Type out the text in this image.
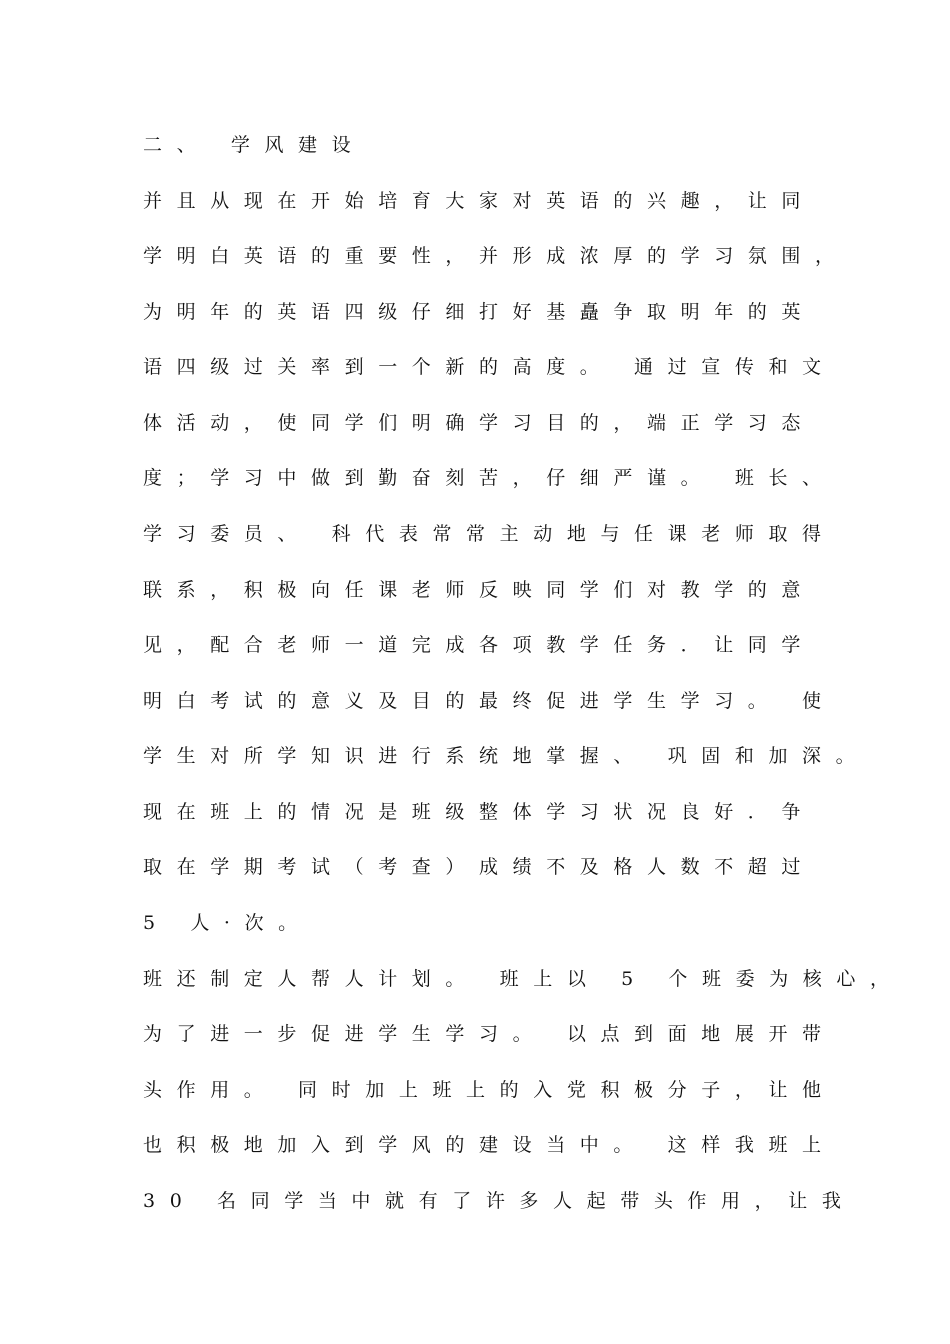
二、 学风建设
并且从现在开始培育大家对英语的兴趣，让同
学明白英语的重要性，并形成浓厚的学习氛围，
为明年的英语四级仔细打好基矗争取明年的英
语四级过关率到一个新的高度。 通过宣传和文
体活动，使同学们明确学习目的，端正学习态
度；学习中做到勤奋刻苦，仔细严谨。 班长、
学习委员、 科代表常常主动地与任课老师取得
联系，积极向任课老师反映同学们对教学的意
见，配合老师一道完成各项教学任务．让同学
明白考试的意义及目的最终促进学生学习。 使
学生对所学知识进行系统地掌握、 巩固和加深。
现在班上的情况是班级整体学习状况良好．争
取在学期考试（考查）成绩不及格人数不超过
5 人·次。
班还制定人帮人计划。 班上以 5 个班委为核心，
为了进一步促进学生学习。 以点到面地展开带
头作用。 同时加上班上的入党积极分子，让他
也积极地加入到学风的建设当中。 这样我班上
30 名同学当中就有了许多人起带头作用，让我
